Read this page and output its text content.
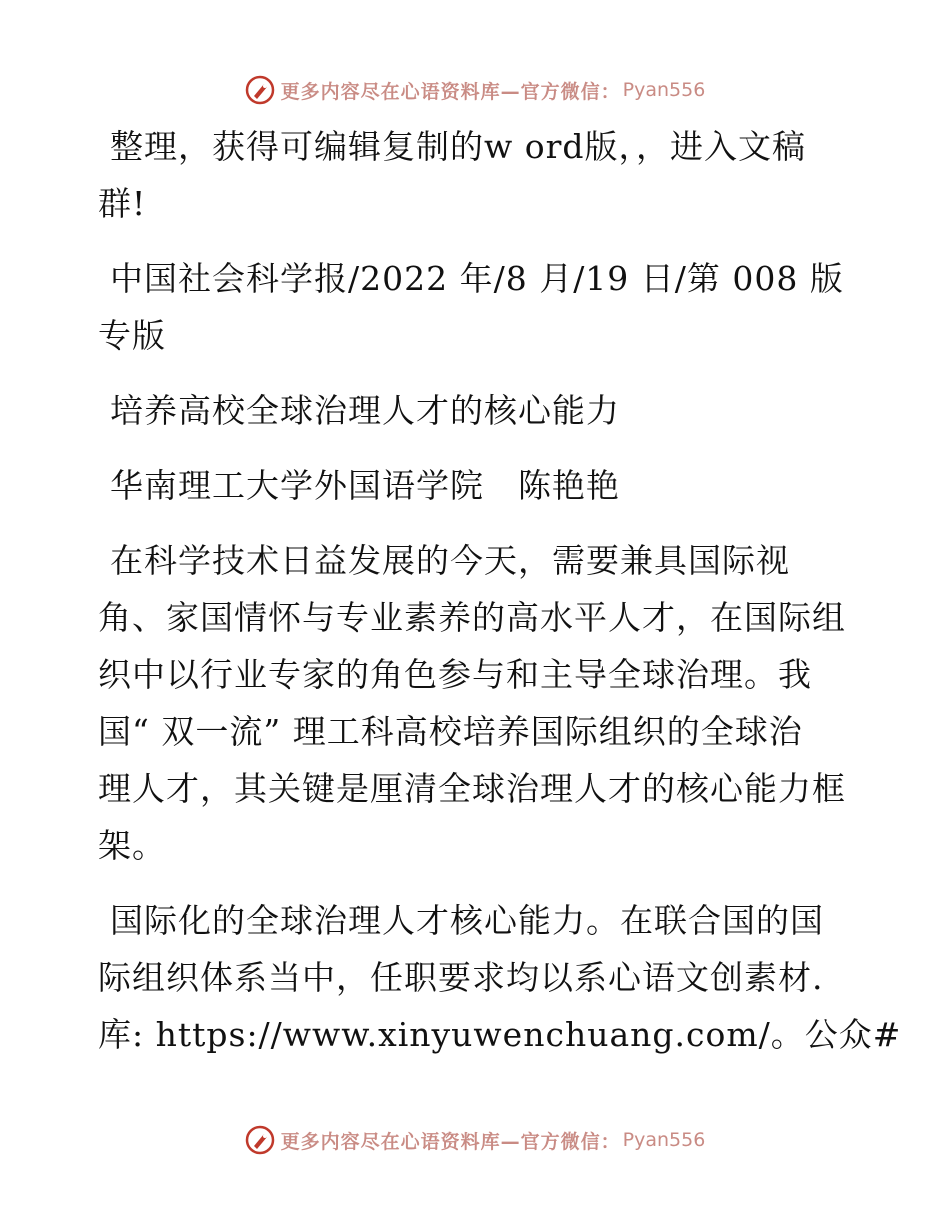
更多内容尽在心语资料库—官方微信： Pyan556

整理，获得可编辑复制的w ord版，，进入文稿
群!

中国社会科学报/2022 年/8 月/19 日/第 008 版
专版

培养高校全球治理人才的核心能力

华南理工大学外国语学院　陈艳艳

在科学技术日益发展的今天，需要兼具国际视
角、家国情怀与专业素养的高水平人才，在国际组
织中以行业专家的角色参与和主导全球治理。我
国“ 双一流” 理工科高校培养国际组织的全球治
理人才，其关键是厘清全球治理人才的核心能力框
架。

国际化的全球治理人才核心能力。在联合国的国
际组织体系当中，任职要求均以系心语文创素材.
库: https://www.xinyuwenchuang.com/。公众#

更多内容尽在心语资料库—官方微信： Pyan556
